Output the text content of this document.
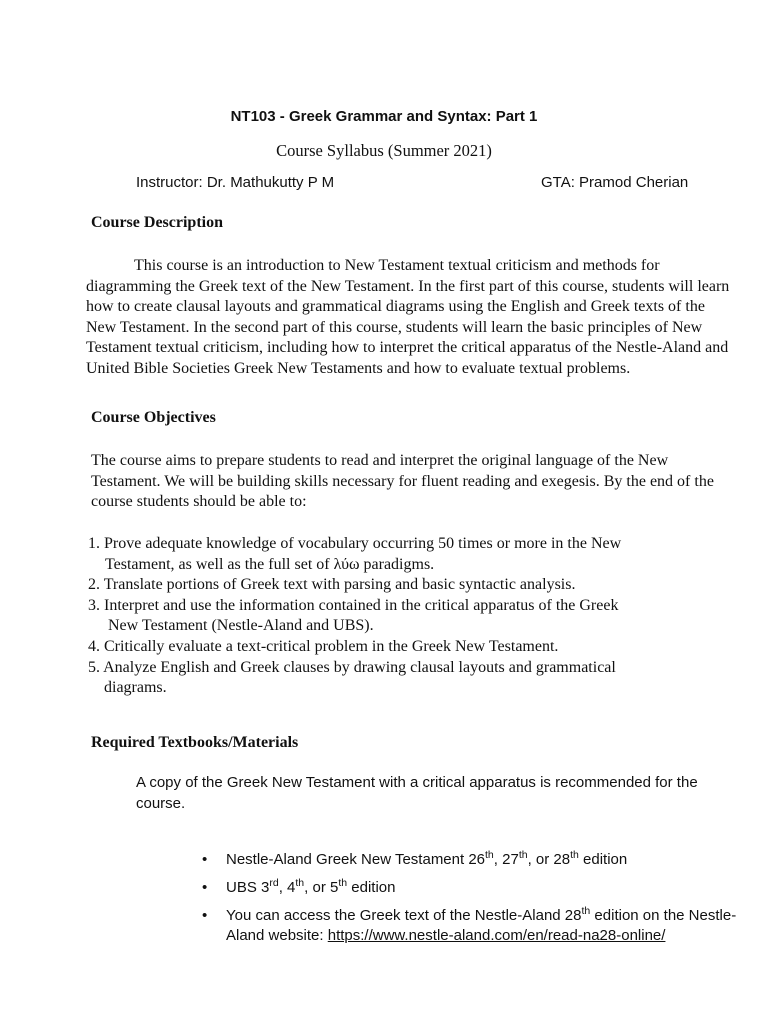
NT103 - Greek Grammar and Syntax: Part 1
Course Syllabus (Summer 2021)
Instructor: Dr. Mathukutty P M	GTA: Pramod Cherian
Course Description
This course is an introduction to New Testament textual criticism and methods for diagramming the Greek text of the New Testament. In the first part of this course, students will learn how to create clausal layouts and grammatical diagrams using the English and Greek texts of the New Testament. In the second part of this course, students will learn the basic principles of New Testament textual criticism, including how to interpret the critical apparatus of the Nestle-Aland and United Bible Societies Greek New Testaments and how to evaluate textual problems.
Course Objectives
The course aims to prepare students to read and interpret the original language of the New Testament. We will be building skills necessary for fluent reading and exegesis. By the end of the course students should be able to:
1. Prove adequate knowledge of vocabulary occurring 50 times or more in the New
Testament, as well as the full set of λύω paradigms.
2. Translate portions of Greek text with parsing and basic syntactic analysis.
3. Interpret and use the information contained in the critical apparatus of the Greek
New Testament (Nestle-Aland and UBS).
4. Critically evaluate a text-critical problem in the Greek New Testament.
5. Analyze English and Greek clauses by drawing clausal layouts and grammatical
diagrams.
Required Textbooks/Materials
A copy of the Greek New Testament with a critical apparatus is recommended for the course.
• Nestle-Aland Greek New Testament 26th, 27th, or 28th edition
• UBS 3rd, 4th, or 5th edition
• You can access the Greek text of the Nestle-Aland 28th edition on the Nestle-Aland website: https://www.nestle-aland.com/en/read-na28-online/
